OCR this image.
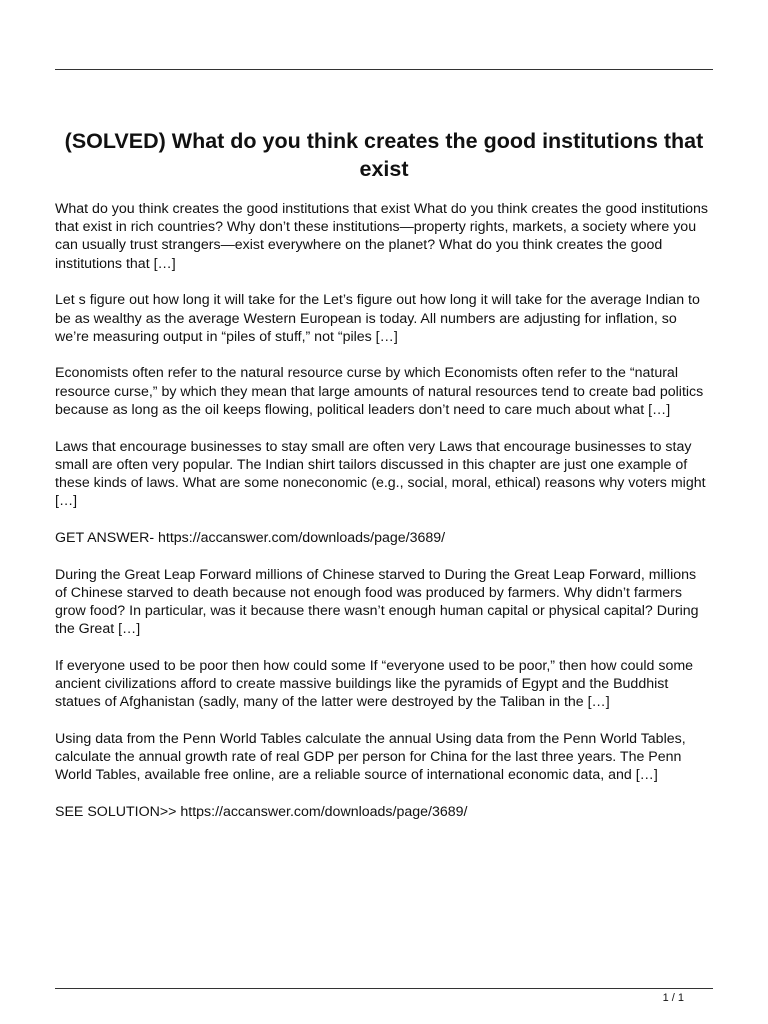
(SOLVED) What do you think creates the good institutions that exist

What do you think creates the good institutions that exist What do you think creates the good institutions that exist in rich countries? Why don’t these institutions—property rights, markets, a society where you can usually trust strangers—exist everywhere on the planet? What do you think creates the good institutions that […]

Let s figure out how long it will take for the Let’s figure out how long it will take for the average Indian to be as wealthy as the average Western European is today. All numbers are adjusting for inflation, so we’re measuring output in “piles of stuff,” not “piles […]

Economists often refer to the natural resource curse by which Economists often refer to the “natural resource curse,” by which they mean that large amounts of natural resources tend to create bad politics because as long as the oil keeps flowing, political leaders don’t need to care much about what […]

Laws that encourage businesses to stay small are often very Laws that encourage businesses to stay small are often very popular. The Indian shirt tailors discussed in this chapter are just one example of these kinds of laws. What are some noneconomic (e.g., social, moral, ethical) reasons why voters might […]

GET ANSWER- https://accanswer.com/downloads/page/3689/

During the Great Leap Forward millions of Chinese starved to During the Great Leap Forward, millions of Chinese starved to death because not enough food was produced by farmers. Why didn’t farmers grow food? In particular, was it because there wasn’t enough human capital or physical capital? During the Great […]

If everyone used to be poor then how could some If “everyone used to be poor,” then how could some ancient civilizations afford to create massive buildings like the pyramids of Egypt and the Buddhist statues of Afghanistan (sadly, many of the latter were destroyed by the Taliban in the […]

Using data from the Penn World Tables calculate the annual Using data from the Penn World Tables, calculate the annual growth rate of real GDP per person for China for the last three years. The Penn World Tables, available free online, are a reliable source of international economic data, and […]

SEE SOLUTION>> https://accanswer.com/downloads/page/3689/

1 / 1
